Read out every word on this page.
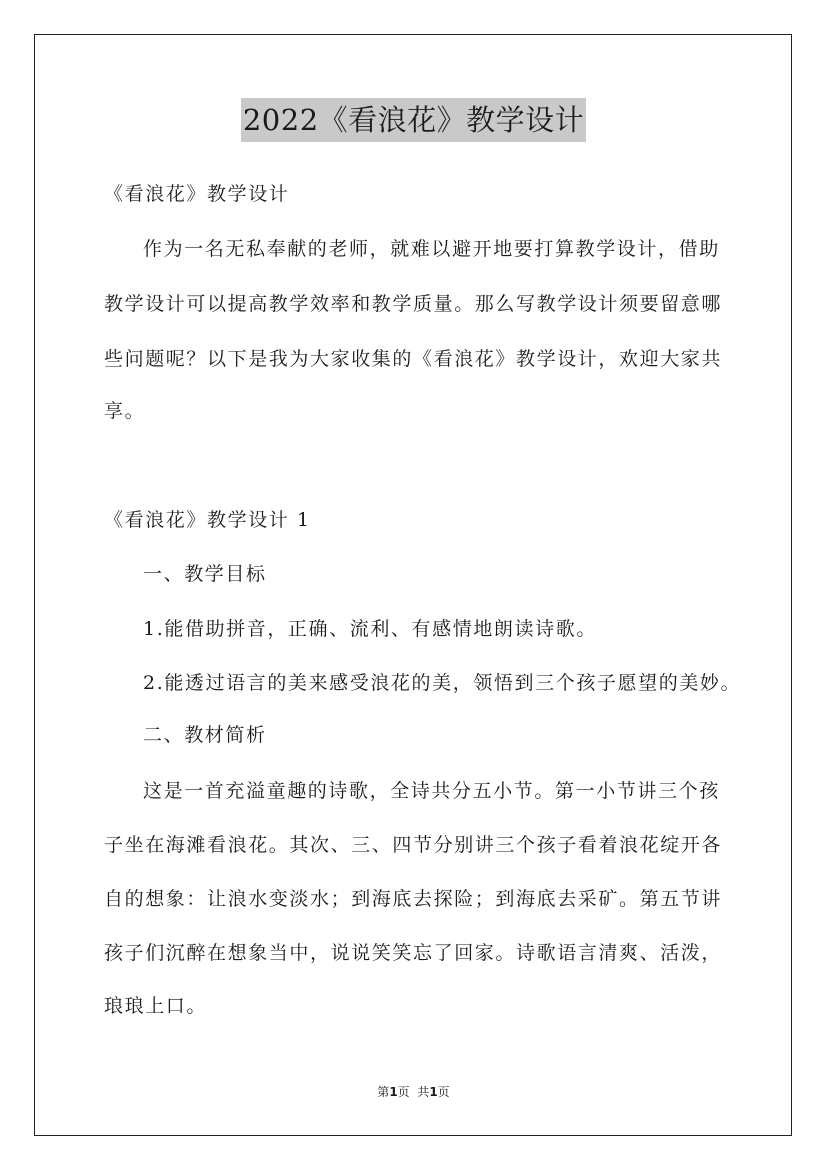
2022《看浪花》教学设计
《看浪花》教学设计
作为一名无私奉献的老师，就难以避开地要打算教学设计，借助
教学设计可以提高教学效率和教学质量。那么写教学设计须要留意哪
些问题呢？以下是我为大家收集的《看浪花》教学设计，欢迎大家共
享。
《看浪花》教学设计 1
一、教学目标
1.能借助拼音，正确、流利、有感情地朗读诗歌。
2.能透过语言的美来感受浪花的美，领悟到三个孩子愿望的美妙。
二、教材简析
这是一首充溢童趣的诗歌，全诗共分五小节。第一小节讲三个孩
子坐在海滩看浪花。其次、三、四节分别讲三个孩子看着浪花绽开各
自的想象：让浪水变淡水；到海底去探险；到海底去采矿。第五节讲
孩子们沉醉在想象当中，说说笑笑忘了回家。诗歌语言清爽、活泼，
琅琅上口。
第1页  共1页
